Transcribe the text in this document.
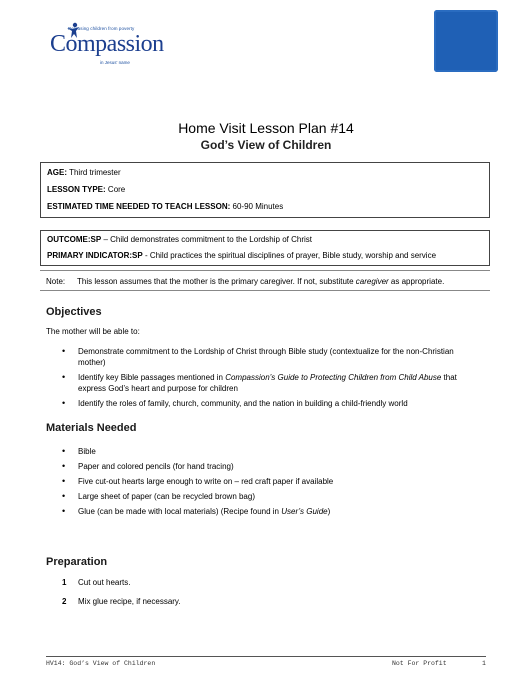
Releasing children from poverty
Compassion
in Jesus' name
Home Visit Lesson Plan #14
God’s View of Children
AGE: Third trimester
LESSON TYPE: Core
ESTIMATED TIME NEEDED TO TEACH LESSON: 60-90 Minutes
OUTCOME:SP – Child demonstrates commitment to the Lordship of Christ
PRIMARY INDICATOR:SP - Child practices the spiritual disciplines of prayer, Bible study, worship and service
Note: This lesson assumes that the mother is the primary caregiver. If not, substitute caregiver as appropriate.
Objectives
The mother will be able to:
• Demonstrate commitment to the Lordship of Christ through Bible study (contextualize for the non-Christian mother)
• Identify key Bible passages mentioned in Compassion’s Guide to Protecting Children from Child Abuse that express God’s heart and purpose for children
• Identify the roles of family, church, community, and the nation in building a child-friendly world
Materials Needed
• Bible
• Paper and colored pencils (for hand tracing)
• Five cut-out hearts large enough to write on – red craft paper if available
• Large sheet of paper (can be recycled brown bag)
• Glue (can be made with local materials) (Recipe found in User’s Guide)
Preparation
1 Cut out hearts.
2 Mix glue recipe, if necessary.
HV14: God’s View of Children	Not For Profit	1
